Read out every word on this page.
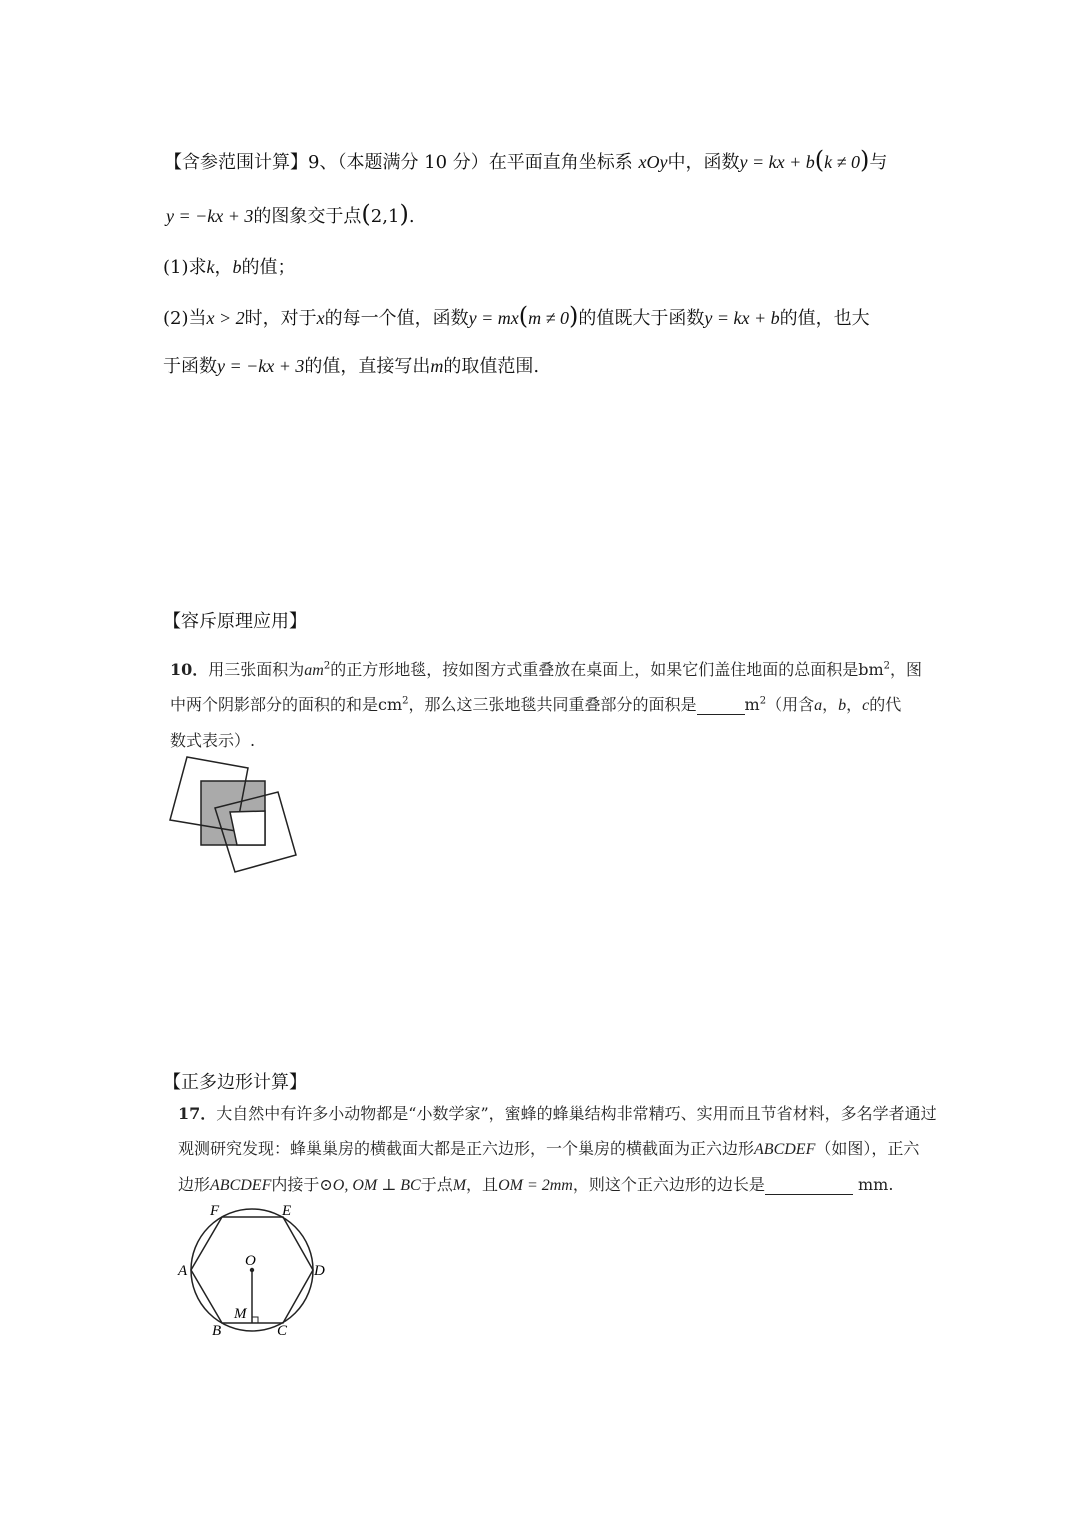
【含参范围计算】9、（本题满分 10 分）在平面直角坐标系 xOy中，函数y = kx + b(k ≠ 0)与
y = −kx + 3的图象交于点(2,1).
(1)求k，b的值；
(2)当x > 2时，对于x的每一个值，函数y = mx(m ≠ 0)的值既大于函数y = kx + b的值，也大
于函数y = −kx + 3的值，直接写出m的取值范围.
【容斥原理应用】
10．用三张面积为$am^2$的正方形地毯，按如图方式重叠放在桌面上，如果它们盖住地面的总面积是$bm^2$，图
中两个阴影部分的面积的和是$cm^2$，那么这三张地毯共同重叠部分的面积是	$m^2$（用含a，b，c的代
数式表示）.
【正多边形计算】
17．大自然中有许多小动物都是“小数学家”，蜜蜂的蜂巢结构非常精巧、实用而且节省材料，多名学者通过
观测研究发现：蜂巢巢房的横截面大都是正六边形，一个巢房的横截面为正六边形ABCDEF（如图），正六
边形ABCDEF内接于⊙O, OM ⊥ BC于点M，且OM = 2mm，则这个正六边形的边长是	mm.
F	E
A	D
B	C
O
M
